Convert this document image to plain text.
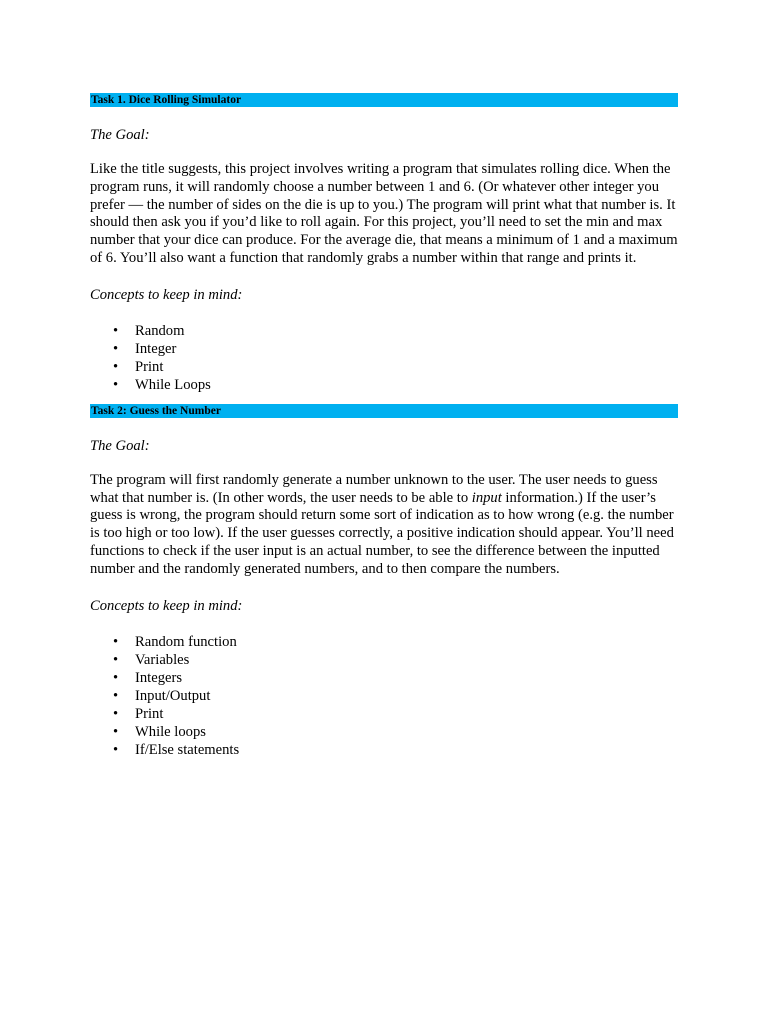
Task 1. Dice Rolling Simulator

The Goal:

Like the title suggests, this project involves writing a program that simulates rolling dice. When the program runs, it will randomly choose a number between 1 and 6. (Or whatever other integer you prefer — the number of sides on the die is up to you.) The program will print what that number is. It should then ask you if you’d like to roll again. For this project, you’ll need to set the min and max number that your dice can produce. For the average die, that means a minimum of 1 and a maximum of 6. You’ll also want a function that randomly grabs a number within that range and prints it.

Concepts to keep in mind:

• Random
• Integer
• Print
• While Loops
Task 2: Guess the Number

The Goal:

The program will first randomly generate a number unknown to the user. The user needs to guess what that number is. (In other words, the user needs to be able to input information.) If the user’s guess is wrong, the program should return some sort of indication as to how wrong (e.g. the number is too high or too low). If the user guesses correctly, a positive indication should appear. You’ll need functions to check if the user input is an actual number, to see the difference between the inputted number and the randomly generated numbers, and to then compare the numbers.

Concepts to keep in mind:

• Random function
• Variables
• Integers
• Input/Output
• Print
• While loops
• If/Else statements
